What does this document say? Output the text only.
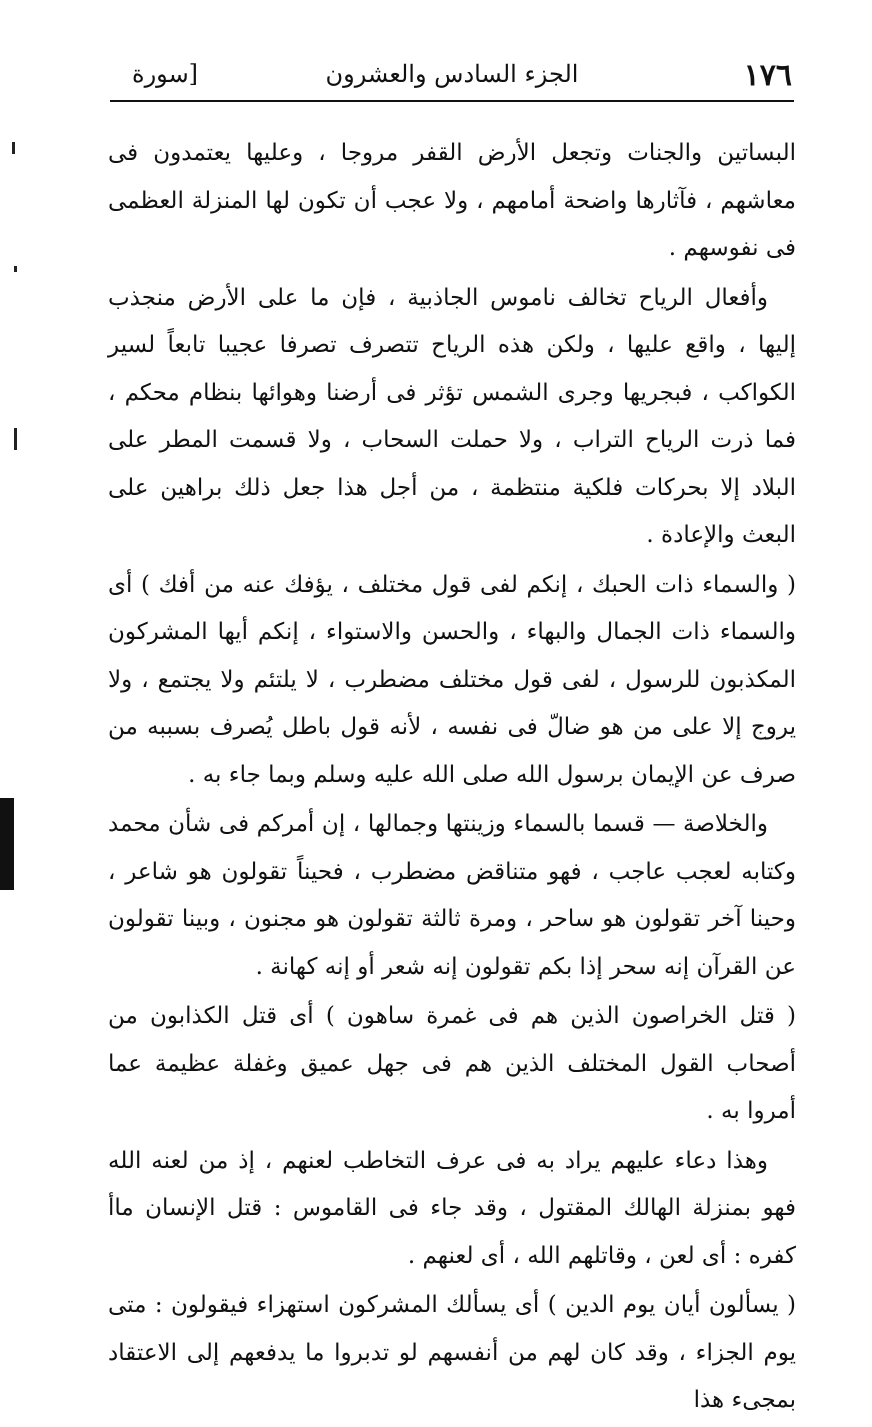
١٧٦
الجزء السادس والعشرون
[سورة

البساتين والجنات وتجعل الأرض القفر مروجا ، وعليها يعتمدون فى معاشهم ، فآثارها واضحة أمامهم ، ولا عجب أن تكون لها المنزلة العظمى فى نفوسهم .

وأفعال الرياح تخالف ناموس الجاذبية ، فإن ما على الأرض منجذب إليها ، واقع عليها ، ولكن هذه الرياح تتصرف تصرفا عجيبا تابعاً لسير الكواكب ، فبجريها وجرى الشمس تؤثر فى أرضنا وهوائها بنظام محكم ، فما ذرت الرياح التراب ، ولا حملت السحاب ، ولا قسمت المطر على البلاد إلا بحركات فلكية منتظمة ، من أجل هذا جعل ذلك براهين على البعث والإعادة .

( والسماء ذات الحبك ، إنكم لفى قول مختلف ، يؤفك عنه من أفك ) أى والسماء ذات الجمال والبهاء ، والحسن والاستواء ، إنكم أيها المشركون المكذبون للرسول ، لفى قول مختلف مضطرب ، لا يلتئم ولا يجتمع ، ولا يروج إلا على من هو ضالّ فى نفسه ، لأنه قول باطل يُصرف بسببه من صرف عن الإيمان برسول الله صلى الله عليه وسلم وبما جاء به .

والخلاصة — قسما بالسماء وزينتها وجمالها ، إن أمركم فى شأن محمد وكتابه لعجب عاجب ، فهو متناقض مضطرب ، فحيناً تقولون هو شاعر ، وحينا آخر تقولون هو ساحر ، ومرة ثالثة تقولون هو مجنون ، وبينا تقولون عن القرآن إنه سحر إذا بكم تقولون إنه شعر أو إنه كهانة .

( قتل الخراصون الذين هم فى غمرة ساهون ) أى قتل الكذابون من أصحاب القول المختلف الذين هم فى جهل عميق وغفلة عظيمة عما أمروا به .

وهذا دعاء عليهم يراد به فى عرف التخاطب لعنهم ، إذ من لعنه الله فهو بمنزلة الهالك المقتول ، وقد جاء فى القاموس : قتل الإنسان ماأ كفره : أى لعن ، وقاتلهم الله ، أى لعنهم .

( يسألون أيان يوم الدين ) أى يسألك المشركون استهزاء فيقولون : متى يوم الجزاء ، وقد كان لهم من أنفسهم لو تدبروا ما يدفعهم إلى الاعتقاد بمجىء هذا
